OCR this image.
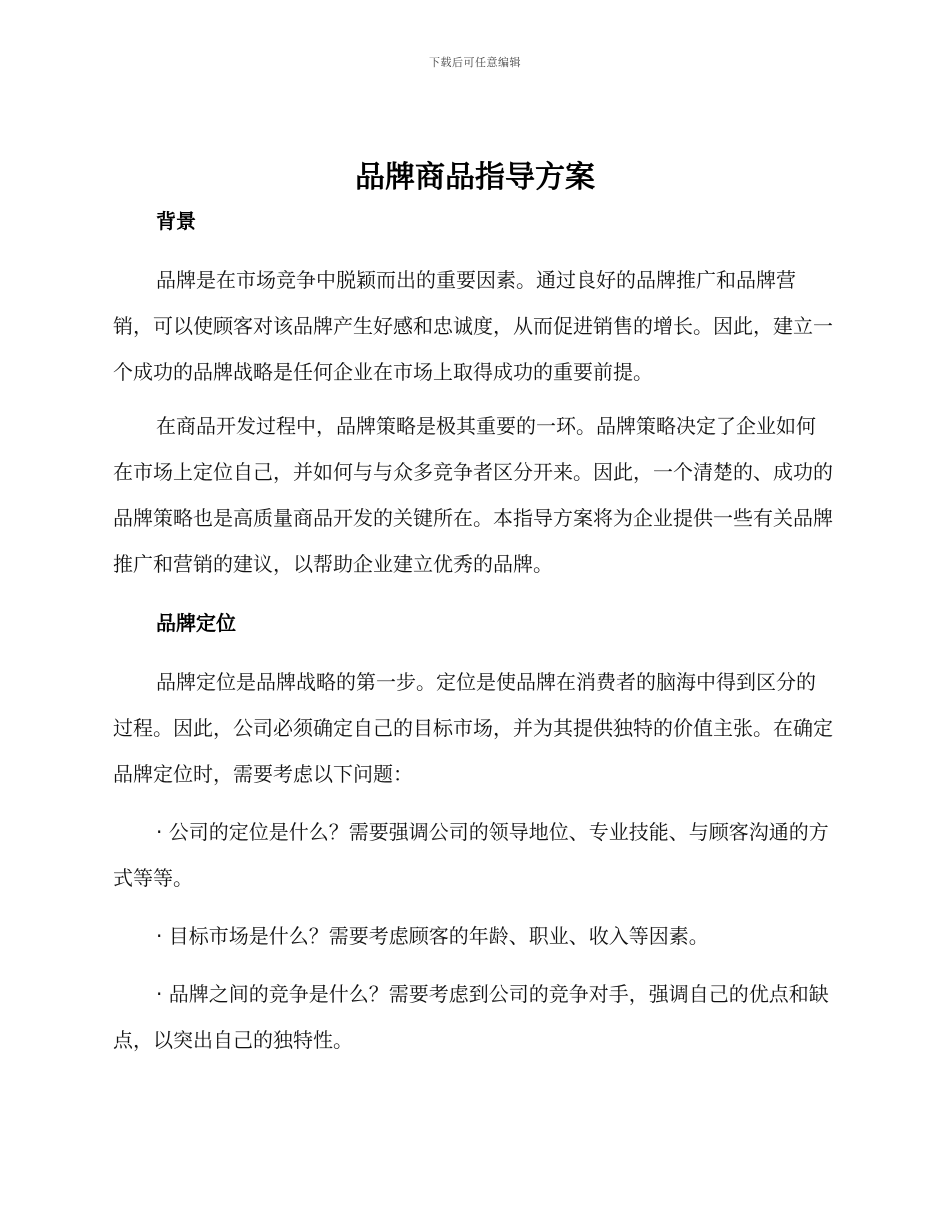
下载后可任意编辑
品牌商品指导方案
背景

品牌是在市场竞争中脱颖而出的重要因素。通过良好的品牌推广和品牌营销，可以使顾客对该品牌产生好感和忠诚度，从而促进销售的增长。因此，建立一个成功的品牌战略是任何企业在市场上取得成功的重要前提。

在商品开发过程中，品牌策略是极其重要的一环。品牌策略决定了企业如何在市场上定位自己，并如何与与众多竞争者区分开来。因此，一个清楚的、成功的品牌策略也是高质量商品开发的关键所在。本指导方案将为企业提供一些有关品牌推广和营销的建议，以帮助企业建立优秀的品牌。

品牌定位

品牌定位是品牌战略的第一步。定位是使品牌在消费者的脑海中得到区分的过程。因此，公司必须确定自己的目标市场，并为其提供独特的价值主张。在确定品牌定位时，需要考虑以下问题：

· 公司的定位是什么？需要强调公司的领导地位、专业技能、与顾客沟通的方式等等。

· 目标市场是什么？需要考虑顾客的年龄、职业、收入等因素。

· 品牌之间的竞争是什么？需要考虑到公司的竞争对手，强调自己的优点和缺点，以突出自己的独特性。
